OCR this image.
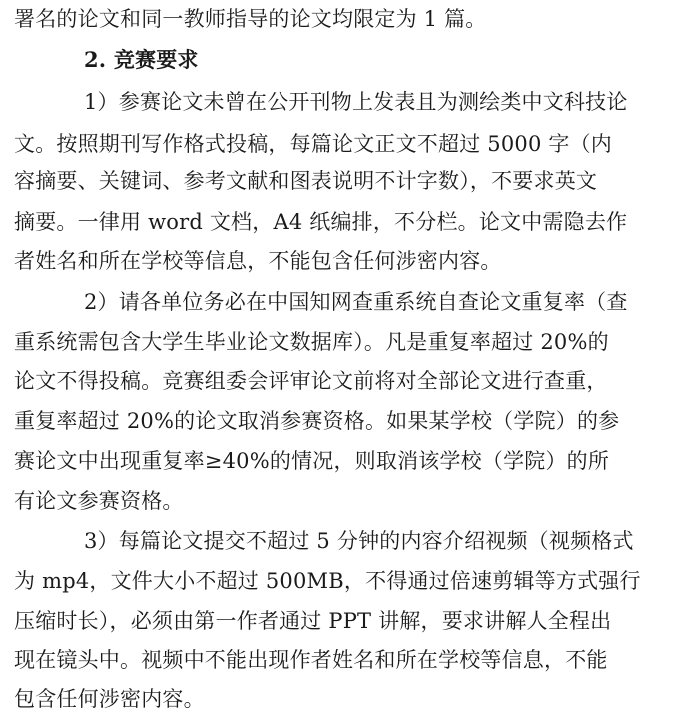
署名的论文和同一教师指导的论文均限定为 1 篇。
2. 竞赛要求
1）参赛论文未曾在公开刊物上发表且为测绘类中文科技论
文。按照期刊写作格式投稿，每篇论文正文不超过 5000 字（内
容摘要、关键词、参考文献和图表说明不计字数），不要求英文
摘要。一律用 word 文档，A4 纸编排，不分栏。论文中需隐去作
者姓名和所在学校等信息，不能包含任何涉密内容。
2）请各单位务必在中国知网查重系统自查论文重复率（查
重系统需包含大学生毕业论文数据库）。凡是重复率超过 20%的
论文不得投稿。竞赛组委会评审论文前将对全部论文进行查重，
重复率超过 20%的论文取消参赛资格。如果某学校（学院）的参
赛论文中出现重复率≥40%的情况，则取消该学校（学院）的所
有论文参赛资格。
3）每篇论文提交不超过 5 分钟的内容介绍视频（视频格式
为 mp4，文件大小不超过 500MB，不得通过倍速剪辑等方式强行
压缩时长），必须由第一作者通过 PPT 讲解，要求讲解人全程出
现在镜头中。视频中不能出现作者姓名和所在学校等信息，不能
包含任何涉密内容。
